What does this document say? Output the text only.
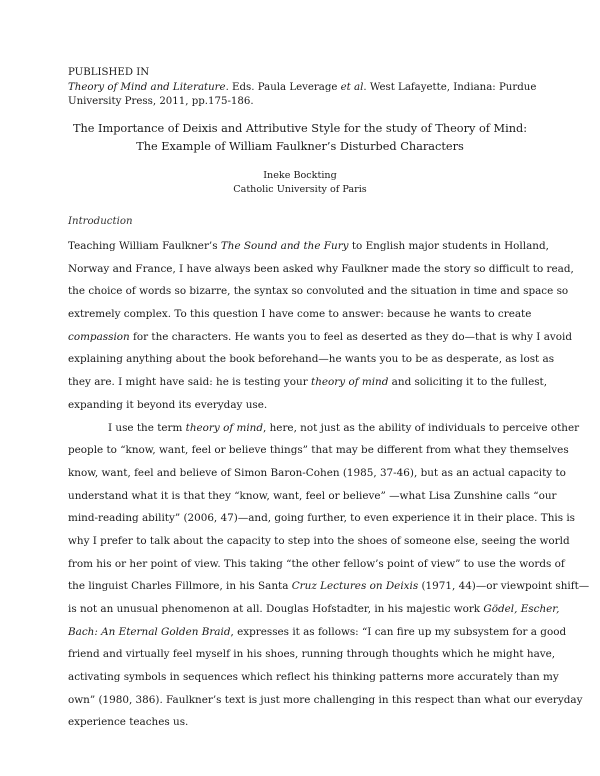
PUBLISHED IN
Theory of Mind and Literature. Eds. Paula Leverage et al. West Lafayette, Indiana: Purdue
University Press, 2011, pp.175-186.
The Importance of Deixis and Attributive Style for the study of Theory of Mind:
The Example of William Faulkner’s Disturbed Characters
Ineke Bockting
Catholic University of Paris
Introduction
Teaching William Faulkner’s The Sound and the Fury to English major students in Holland,
Norway and France, I have always been asked why Faulkner made the story so difficult to read,
the choice of words so bizarre, the syntax so convoluted and the situation in time and space so
extremely complex. To this question I have come to answer: because he wants to create
compassion for the characters. He wants you to feel as deserted as they do—that is why I avoid
explaining anything about the book beforehand—he wants you to be as desperate, as lost as
they are. I might have said: he is testing your theory of mind and soliciting it to the fullest,
expanding it beyond its everyday use.
I use the term theory of mind, here, not just as the ability of individuals to perceive other
people to “know, want, feel or believe things” that may be different from what they themselves
know, want, feel and believe of Simon Baron-Cohen (1985, 37-46), but as an actual capacity to
understand what it is that they “know, want, feel or believe” —what Lisa Zunshine calls “our
mind-reading ability” (2006, 47)—and, going further, to even experience it in their place. This is
why I prefer to talk about the capacity to step into the shoes of someone else, seeing the world
from his or her point of view. This taking “the other fellow’s point of view” to use the words of
the linguist Charles Fillmore, in his Santa Cruz Lectures on Deixis (1971, 44)—or viewpoint shift—
is not an unusual phenomenon at all. Douglas Hofstadter, in his majestic work Gödel, Escher,
Bach: An Eternal Golden Braid, expresses it as follows: “I can fire up my subsystem for a good
friend and virtually feel myself in his shoes, running through thoughts which he might have,
activating symbols in sequences which reflect his thinking patterns more accurately than my
own” (1980, 386). Faulkner’s text is just more challenging in this respect than what our everyday
experience teaches us.
